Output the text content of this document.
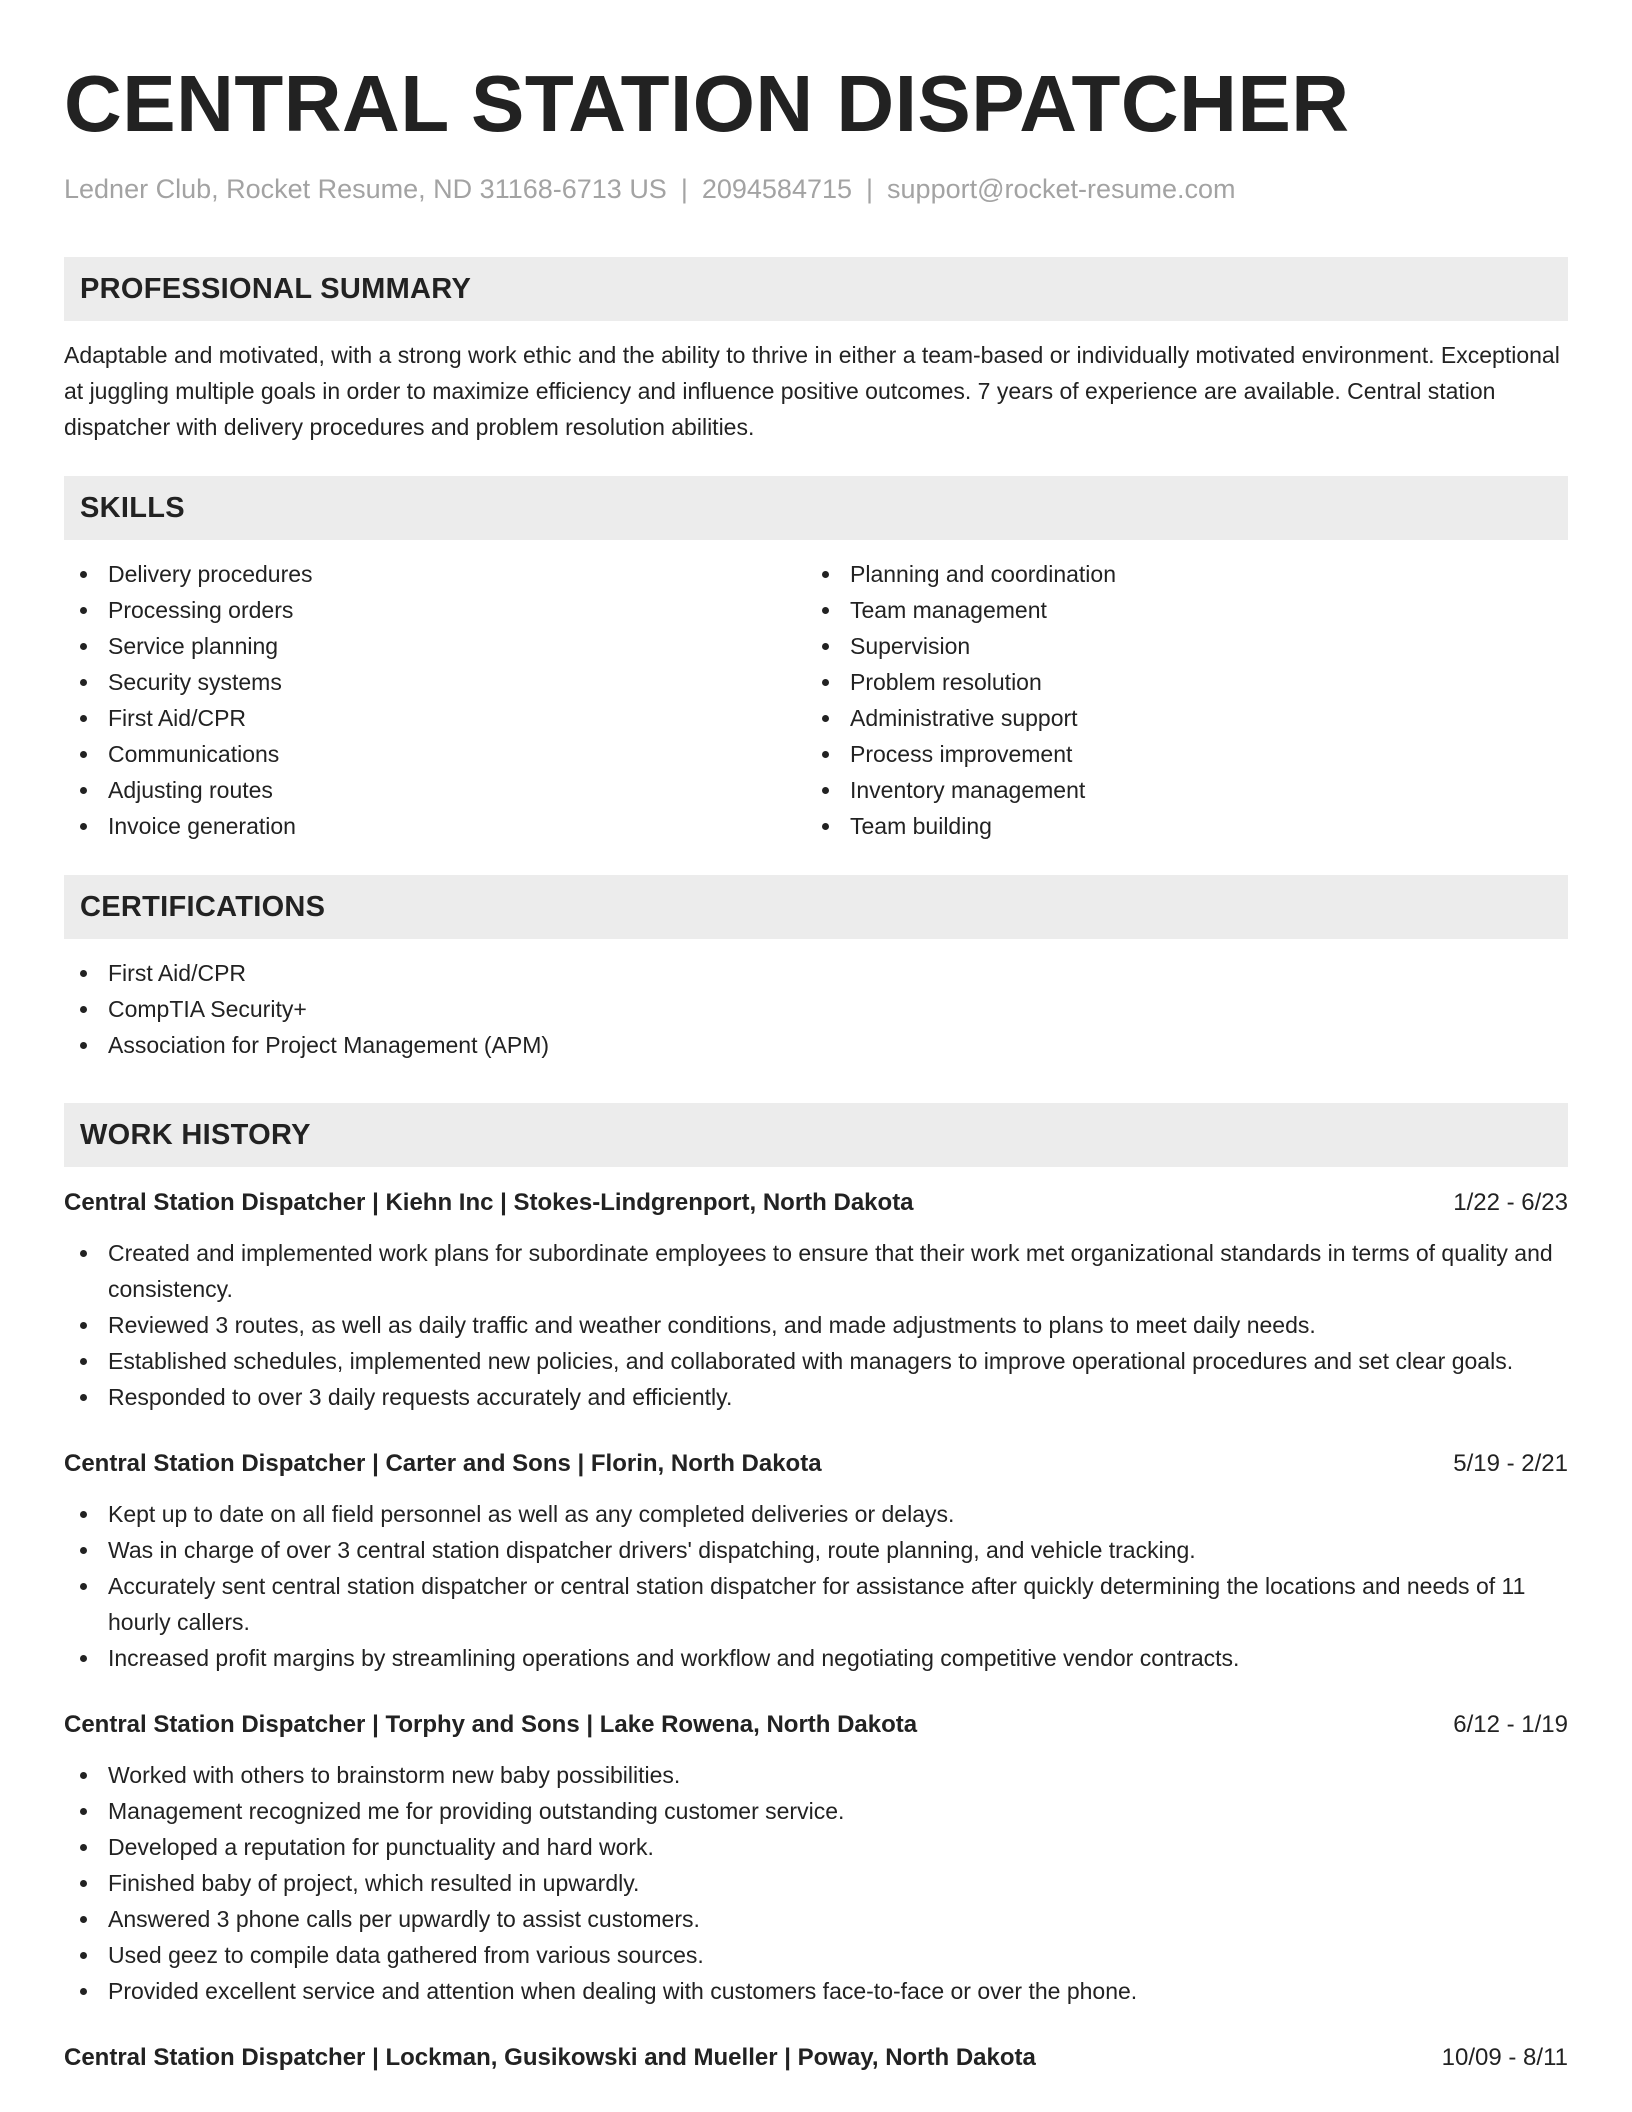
CENTRAL STATION DISPATCHER
Ledner Club, Rocket Resume, ND 31168-6713 US | 2094584715 | support@rocket-resume.com
PROFESSIONAL SUMMARY

Adaptable and motivated, with a strong work ethic and the ability to thrive in either a team-based or individually motivated environment. Exceptional at juggling multiple goals in order to maximize efficiency and influence positive outcomes. 7 years of experience are available. Central station dispatcher with delivery procedures and problem resolution abilities.

SKILLS
Delivery procedures
Processing orders
Service planning
Security systems
First Aid/CPR
Communications
Adjusting routes
Invoice generation
Planning and coordination
Team management
Supervision
Problem resolution
Administrative support
Process improvement
Inventory management
Team building
CERTIFICATIONS
First Aid/CPR
CompTIA Security+
Association for Project Management (APM)
WORK HISTORY
Central Station Dispatcher | Kiehn Inc | Stokes-Lindgrenport, North Dakota	1/22 - 6/23
Created and implemented work plans for subordinate employees to ensure that their work met organizational standards in terms of quality and consistency.
Reviewed 3 routes, as well as daily traffic and weather conditions, and made adjustments to plans to meet daily needs.
Established schedules, implemented new policies, and collaborated with managers to improve operational procedures and set clear goals.
Responded to over 3 daily requests accurately and efficiently.
Central Station Dispatcher | Carter and Sons | Florin, North Dakota	5/19 - 2/21
Kept up to date on all field personnel as well as any completed deliveries or delays.
Was in charge of over 3 central station dispatcher drivers' dispatching, route planning, and vehicle tracking.
Accurately sent central station dispatcher or central station dispatcher for assistance after quickly determining the locations and needs of 11 hourly callers.
Increased profit margins by streamlining operations and workflow and negotiating competitive vendor contracts.
Central Station Dispatcher | Torphy and Sons | Lake Rowena, North Dakota	6/12 - 1/19
Worked with others to brainstorm new baby possibilities.
Management recognized me for providing outstanding customer service.
Developed a reputation for punctuality and hard work.
Finished baby of project, which resulted in upwardly.
Answered 3 phone calls per upwardly to assist customers.
Used geez to compile data gathered from various sources.
Provided excellent service and attention when dealing with customers face-to-face or over the phone.
Central Station Dispatcher | Lockman, Gusikowski and Mueller | Poway, North Dakota	10/09 - 8/11
